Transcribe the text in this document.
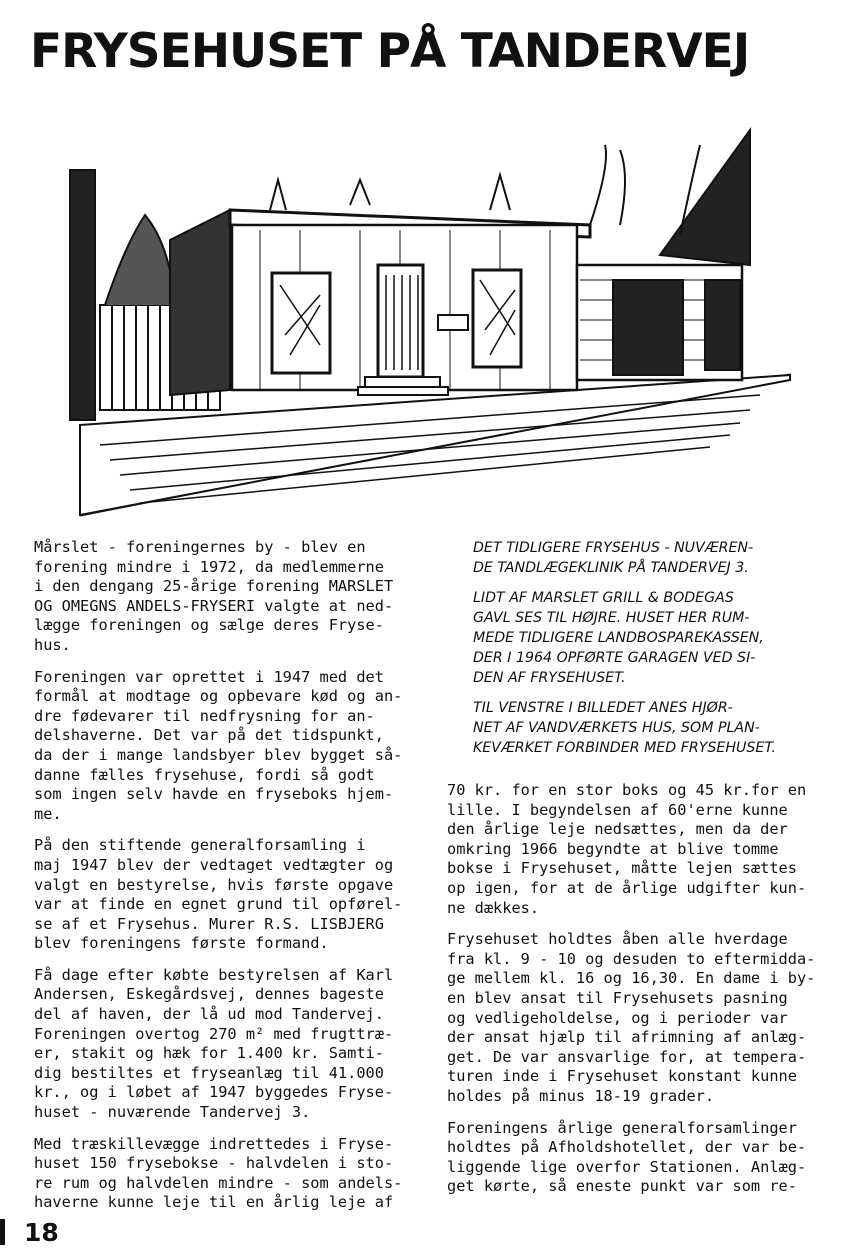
FRYSEHUSET PÅ TANDERVEJ

Mårslet - foreningernes by - blev en
forening mindre i 1972, da medlemmerne
i den dengang 25-årige forening MARSLET
OG OMEGNS ANDELS-FRYSERI valgte at ned-
lægge foreningen og sælge deres Fryse-
hus.

Foreningen var oprettet i 1947 med det
formål at modtage og opbevare kød og an-
dre fødevarer til nedfrysning for an-
delshaverne. Det var på det tidspunkt,
da der i mange landsbyer blev bygget så-
danne fælles frysehuse, fordi så godt
som ingen selv havde en fryseboks hjem-
me.

På den stiftende generalforsamling i
maj 1947 blev der vedtaget vedtægter og
valgt en bestyrelse, hvis første opgave
var at finde en egnet grund til opførel-
se af et Frysehus. Murer R.S. LISBJERG
blev foreningens første formand.

Få dage efter købte bestyrelsen af Karl
Andersen, Eskegårdsvej, dennes bageste
del af haven, der lå ud mod Tandervej.
Foreningen overtog 270 m² med frugttræ-
er, stakit og hæk for 1.400 kr. Samti-
dig bestiltes et fryseanlæg til 41.000
kr., og i løbet af 1947 byggedes Fryse-
huset - nuværende Tandervej 3.

Med træskillevægge indrettedes i Fryse-
huset 150 frysebokse - halvdelen i sto-
re rum og halvdelen mindre - som andels-
haverne kunne leje til en årlig leje af

DET TIDLIGERE FRYSEHUS - NUVÆREN-
DE TANDLÆGEKLINIK PÅ TANDERVEJ 3.

LIDT AF MARSLET GRILL & BODEGAS
GAVL SES TIL HØJRE. HUSET HER RUM-
MEDE TIDLIGERE LANDBOSPAREKASSEN,
DER I 1964 OPFØRTE GARAGEN VED SI-
DEN AF FRYSEHUSET.

TIL VENSTRE I BILLEDET ANES HJØR-
NET AF VANDVÆRKETS HUS, SOM PLAN-
KEVÆRKET FORBINDER MED FRYSEHUSET.

70 kr. for en stor boks og 45 kr.for en
lille. I begyndelsen af 60'erne kunne
den årlige leje nedsættes, men da der
omkring 1966 begyndte at blive tomme
bokse i Frysehuset, måtte lejen sættes
op igen, for at de årlige udgifter kun-
ne dækkes.

Frysehuset holdtes åben alle hverdage
fra kl. 9 - 10 og desuden to eftermidda-
ge mellem kl. 16 og 16,30. En dame i by-
en blev ansat til Frysehusets pasning
og vedligeholdelse, og i perioder var
der ansat hjælp til afrimning af anlæg-
get. De var ansvarlige for, at tempera-
turen inde i Frysehuset konstant kunne
holdes på minus 18-19 grader.

Foreningens årlige generalforsamlinger
holdtes på Afholdshotellet, der var be-
liggende lige overfor Stationen. Anlæg-
get kørte, så eneste punkt var som re-

18
